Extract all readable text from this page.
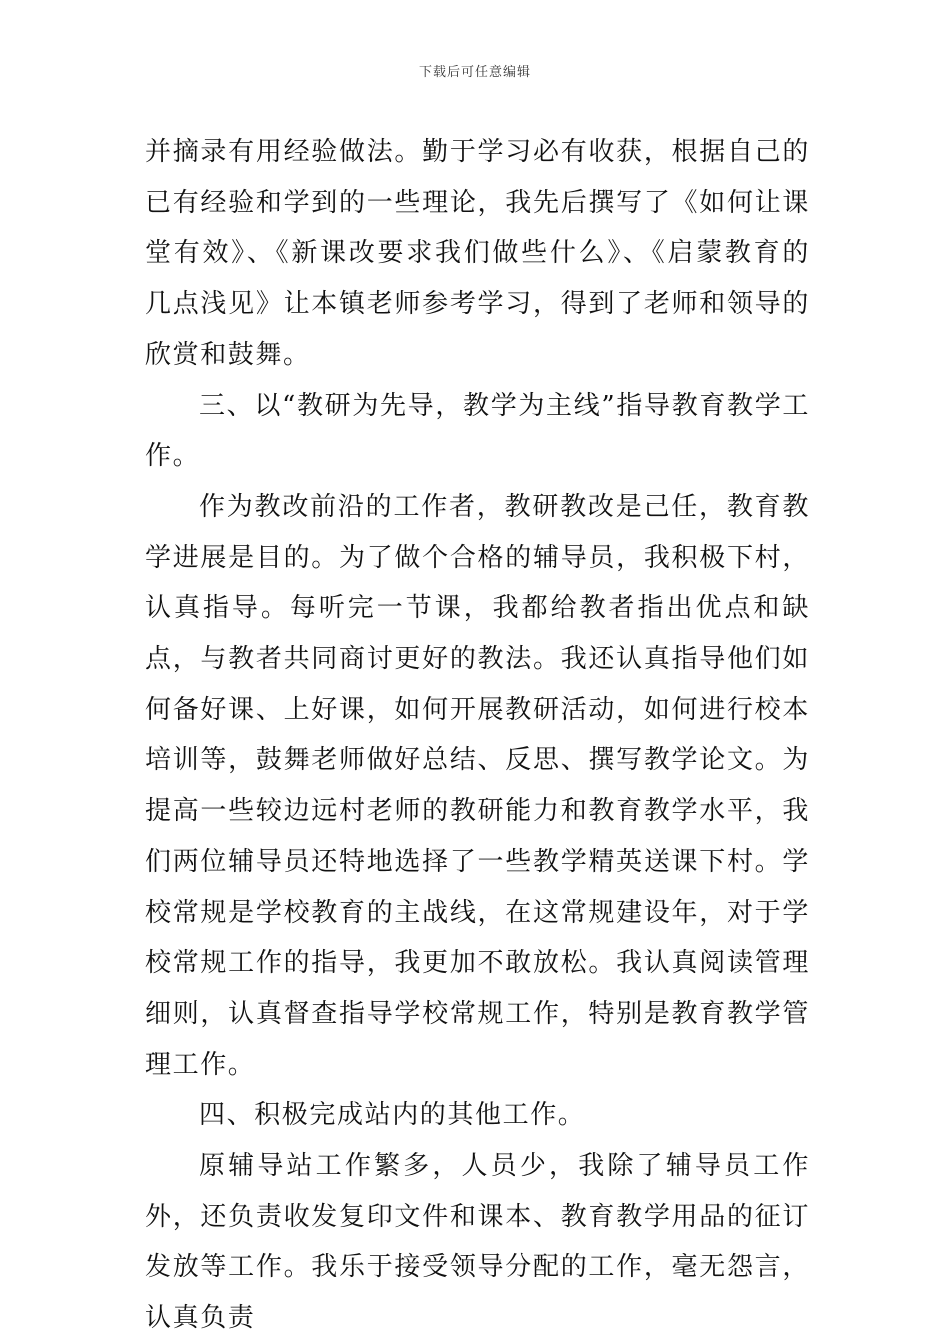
下载后可任意编辑

并摘录有用经验做法。勤于学习必有收获，根据自己的已有经验和学到的一些理论，我先后撰写了《如何让课堂有效》、《新课改要求我们做些什么》、《启蒙教育的几点浅见》让本镇老师参考学习，得到了老师和领导的欣赏和鼓舞。

三、以“教研为先导，教学为主线”指导教育教学工作。

作为教改前沿的工作者，教研教改是己任，教育教学进展是目的。为了做个合格的辅导员，我积极下村，认真指导。每听完一节课，我都给教者指出优点和缺点，与教者共同商讨更好的教法。我还认真指导他们如何备好课、上好课，如何开展教研活动，如何进行校本培训等，鼓舞老师做好总结、反思、撰写教学论文。为提高一些较边远村老师的教研能力和教育教学水平，我们两位辅导员还特地选择了一些教学精英送课下村。学校常规是学校教育的主战线，在这常规建设年，对于学校常规工作的指导，我更加不敢放松。我认真阅读管理细则，认真督查指导学校常规工作，特别是教育教学管理工作。

四、积极完成站内的其他工作。

原辅导站工作繁多，人员少，我除了辅导员工作外，还负责收发复印文件和课本、教育教学用品的征订发放等工作。我乐于接受领导分配的工作，毫无怨言，认真负责
